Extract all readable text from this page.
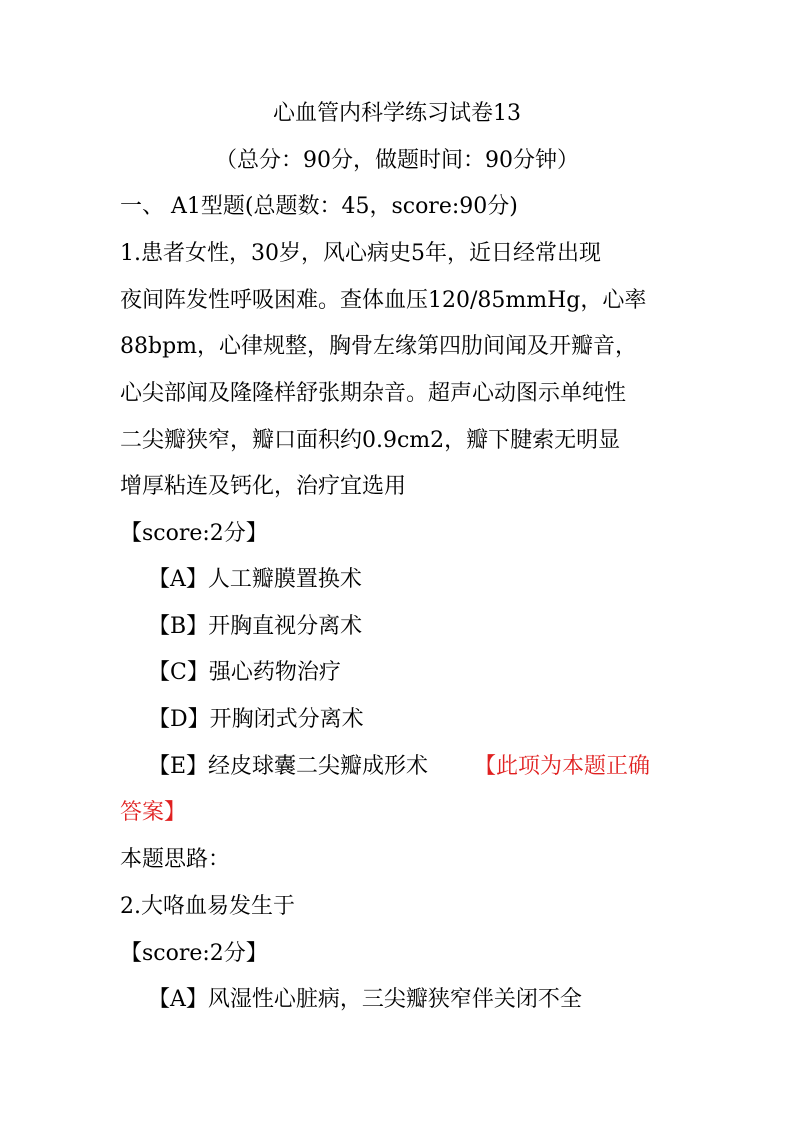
心血管内科学练习试卷13
（总分：90分，做题时间：90分钟）
一、 A1型题(总题数：45，score:90分)
1.患者女性，30岁，风心病史5年，近日经常出现
夜间阵发性呼吸困难。查体血压120/85mmHg，心率
88bpm，心律规整，胸骨左缘第四肋间闻及开瓣音，
心尖部闻及隆隆样舒张期杂音。超声心动图示单纯性
二尖瓣狭窄，瓣口面积约0.9cm2，瓣下腱索无明显
增厚粘连及钙化，治疗宜选用
【score:2分】
【A】人工瓣膜置换术
【B】开胸直视分离术
【C】强心药物治疗
【D】开胸闭式分离术
【E】经皮球囊二尖瓣成形术 【此项为本题正确
答案】
本题思路：
2.大咯血易发生于
【score:2分】
【A】风湿性心脏病，三尖瓣狭窄伴关闭不全
